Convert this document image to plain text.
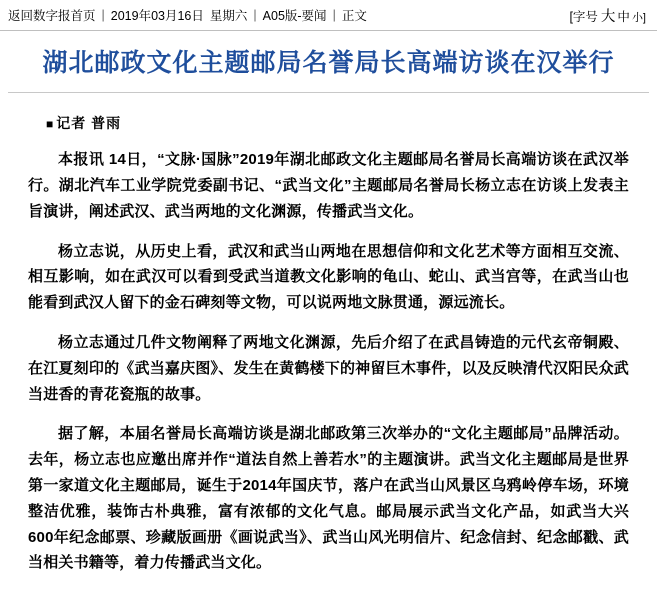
返回数字报首页 | 2019年03月16日 星期六 | A05版-要闻 | 正文	[字号 大 中 小]
湖北邮政文化主题邮局名誉局长高端访谈在汉举行
■ 记者 普雨

本报讯 14日，“文脉·国脉”2019年湖北邮政文化主题邮局名誉局长高端访谈在武汉举行。湖北汽车工业学院党委副书记、“武当文化”主题邮局名誉局长杨立志在访谈上发表主旨演讲，阐述武汉、武当两地的文化渊源，传播武当文化。

杨立志说，从历史上看，武汉和武当山两地在思想信仰和文化艺术等方面相互交流、相互影响，如在武汉可以看到受武当道教文化影响的龟山、蛇山、武当宫等，在武当山也能看到武汉人留下的金石碑刻等文物，可以说两地文脉贯通，源远流长。

杨立志通过几件文物阐释了两地文化渊源，先后介绍了在武昌铸造的元代玄帝铜殿、在江夏刻印的《武当嘉庆图》、发生在黄鹤楼下的神留巨木事件，以及反映清代汉阳民众武当进香的青花瓷瓶的故事。

据了解，本届名誉局长高端访谈是湖北邮政第三次举办的“文化主题邮局”品牌活动。去年，杨立志也应邀出席并作“道法自然上善若水”的主题演讲。武当文化主题邮局是世界第一家道文化主题邮局，诞生于2014年国庆节，落户在武当山风景区乌鸦岭停车场，环境整洁优雅，装饰古朴典雅，富有浓郁的文化气息。邮局展示武当文化产品，如武当大兴600年纪念邮票、珍藏版画册《画说武当》、武当山风光明信片、纪念信封、纪念邮戳、武当相关书籍等，着力传播武当文化。
